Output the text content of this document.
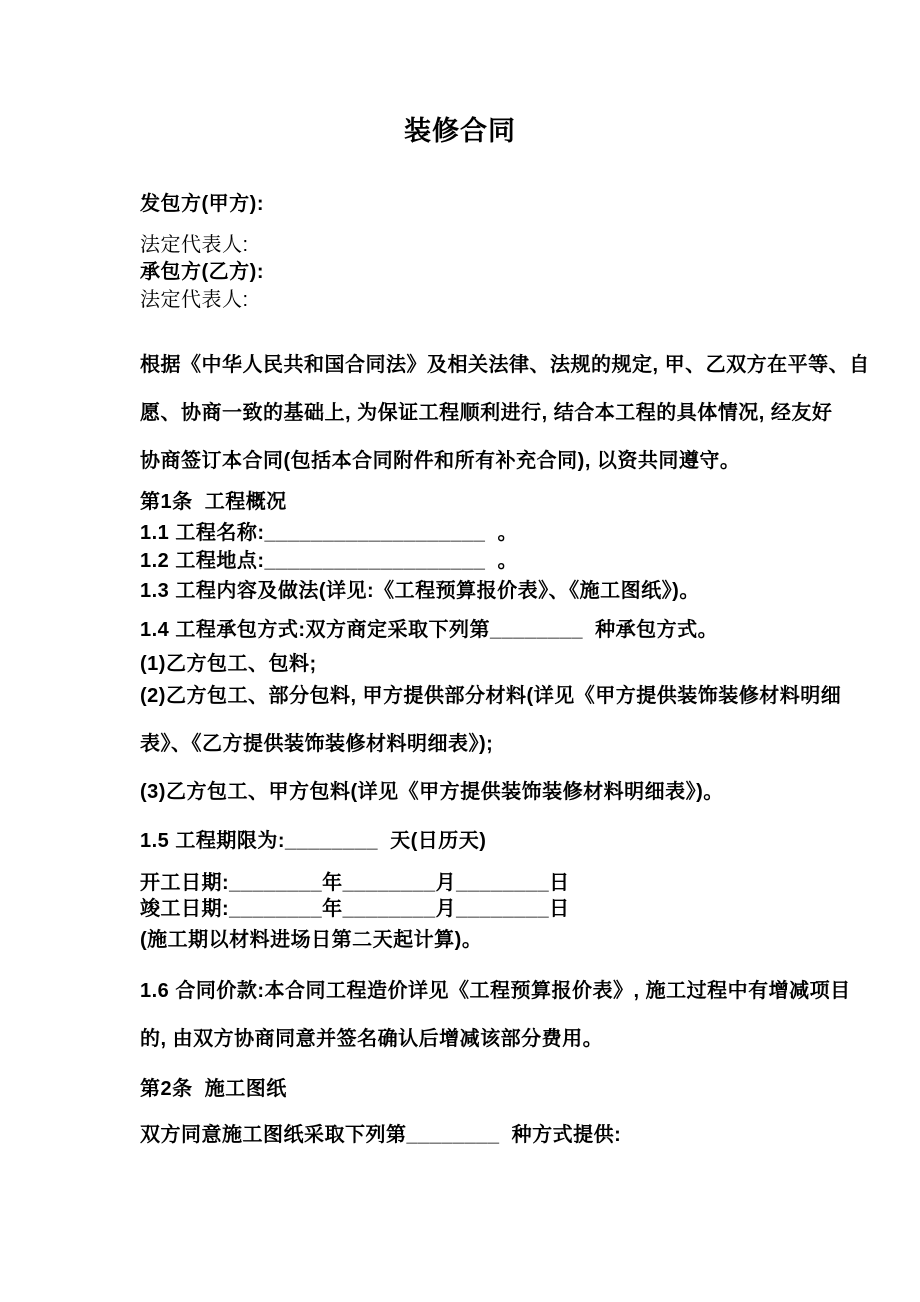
装修合同
发包方(甲方):
法定代表人:
承包方(乙方):
法定代表人:
根据《中华人民共和国合同法》及相关法律、法规的规定, 甲、乙双方在平等、自
愿、协商一致的基础上, 为保证工程顺利进行, 结合本工程的具体情况, 经友好
协商签订本合同(包括本合同附件和所有补充合同), 以资共同遵守。
第1条  工程概况
1.1 工程名称:___________________  。
1.2 工程地点:___________________  。
1.3 工程内容及做法(详见:《工程预算报价表》、《施工图纸》)。
1.4 工程承包方式:双方商定采取下列第________  种承包方式。
(1)乙方包工、包料;
(2)乙方包工、部分包料, 甲方提供部分材料(详见《甲方提供装饰装修材料明细
表》、《乙方提供装饰装修材料明细表》);
(3)乙方包工、甲方包料(详见《甲方提供装饰装修材料明细表》)。
1.5 工程期限为:________  天(日历天)
开工日期:________年________月________日
竣工日期:________年________月________日
(施工期以材料进场日第二天起计算)。
1.6 合同价款:本合同工程造价详见《工程预算报价表》, 施工过程中有增减项目
的, 由双方协商同意并签名确认后增减该部分费用。
第2条  施工图纸
双方同意施工图纸采取下列第________  种方式提供:
